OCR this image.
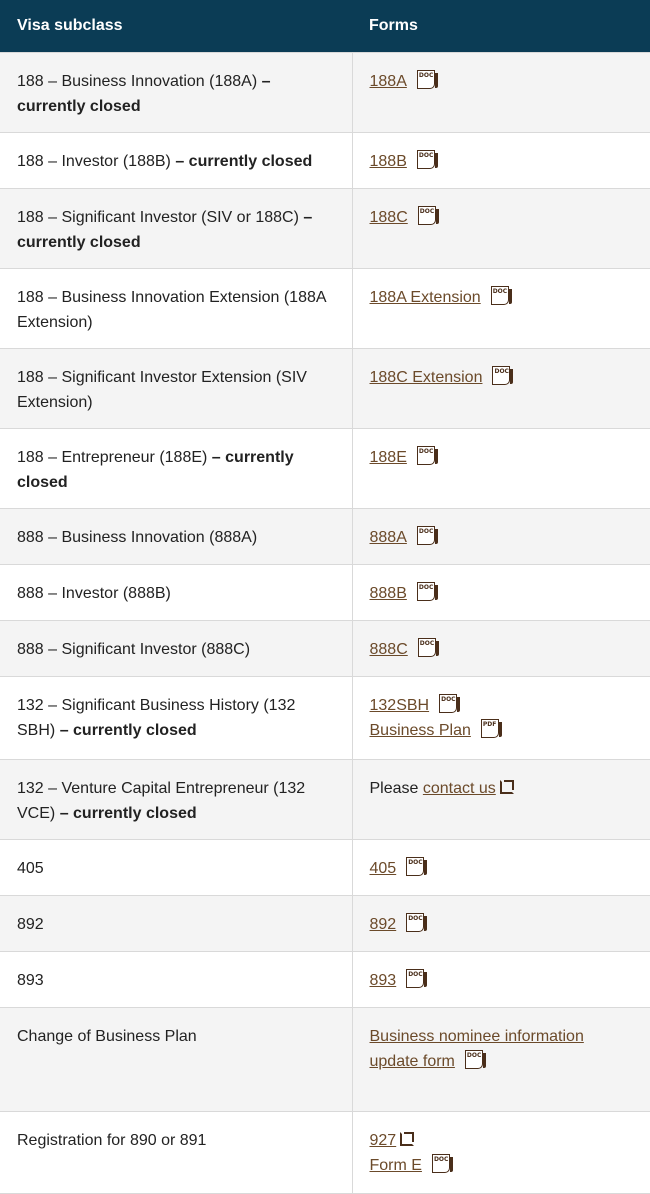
Visa subclass	Forms
188 – Business Innovation (188A) – currently closed	188A DOC

188 – Investor (188B) – currently closed	188B DOC

188 – Significant Investor (SIV or 188C) – currently closed	188C DOC

188 – Business Innovation Extension (188A Extension)	188A Extension DOC

188 – Significant Investor Extension (SIV Extension)	188C Extension DOC

188 – Entrepreneur (188E) – currently closed	188E DOC

888 – Business Innovation (888A)	888A DOC

888 – Investor (888B)	888B DOC

888 – Significant Investor (888C)	888C DOC

132 – Significant Business History (132 SBH) – currently closed	132SBH DOC
Business Plan PDF

132 – Venture Capital Entrepreneur (132 VCE) – currently closed	Please contact us

405	405 DOC

892	892 DOC

893	893 DOC

Change of Business Plan	Business nominee information update form DOC

Registration for 890 or 891	927
Form E DOC
